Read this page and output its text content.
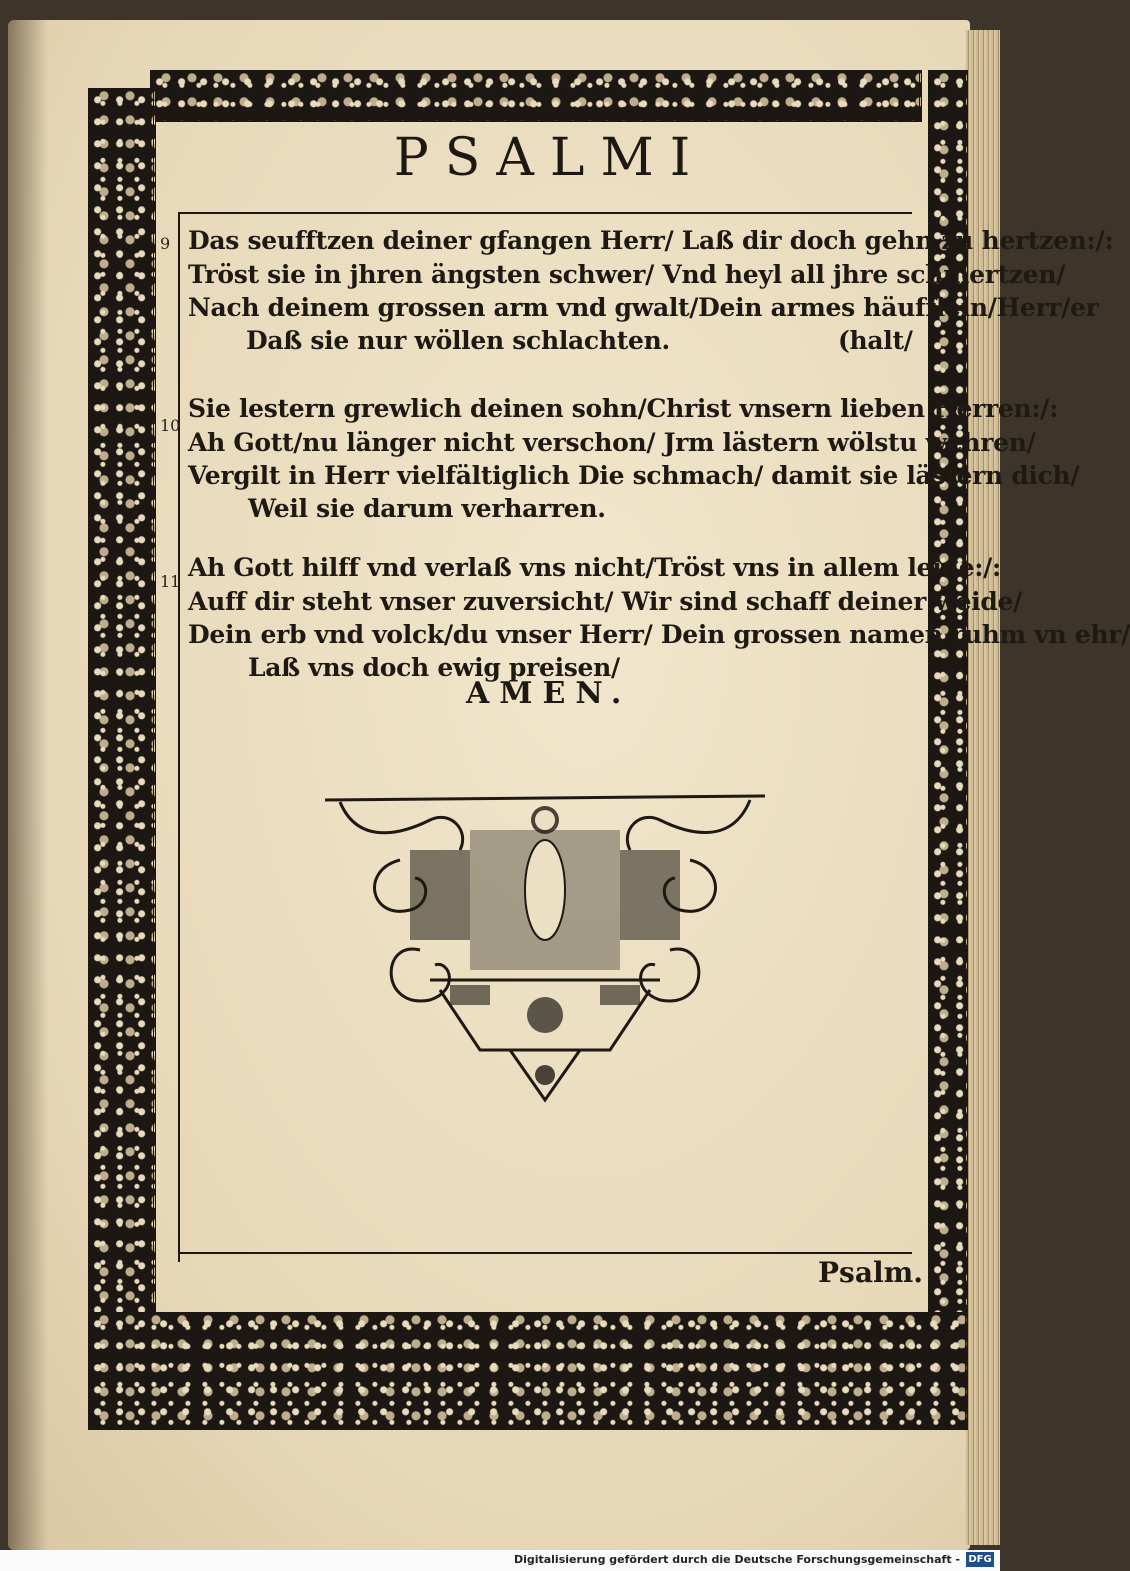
PSALMI
9 Das seufftzen deiner gfangen Herr/ Laß dir doch gehn zu hertzen:/:
Tröst sie in jhren ängsten schwer/ Vnd heyl all jhre schmertzen/
Nach deinem grossen arm vnd gwalt/Dein armes häufflein/Herr/er
Daß sie nur wöllen schlachten.	(halt/
10
Sie lestern grewlich deinen sohn/Christ vnsern lieben Herren:/:
Ah Gott/nu länger nicht verschon/ Jrm lästern wölstu wehren/
Vergilt in Herr vielfältiglich Die schmach/ damit sie lästern dich/
Weil sie darum verharren.
11 Ah Gott hilff vnd verlaß vns nicht/Tröst vns in allem leide:/:
Auff dir steht vnser zuversicht/ Wir sind schaff deiner weide/
Dein erb vnd volck/du vnser Herr/ Dein grossen namen ruhm vn ehr/
Laß vns doch ewig preisen/
AMEN.
Psalm.
Digitalisierung gefördert durch die Deutsche Forschungsgemeinschaft - DFG
